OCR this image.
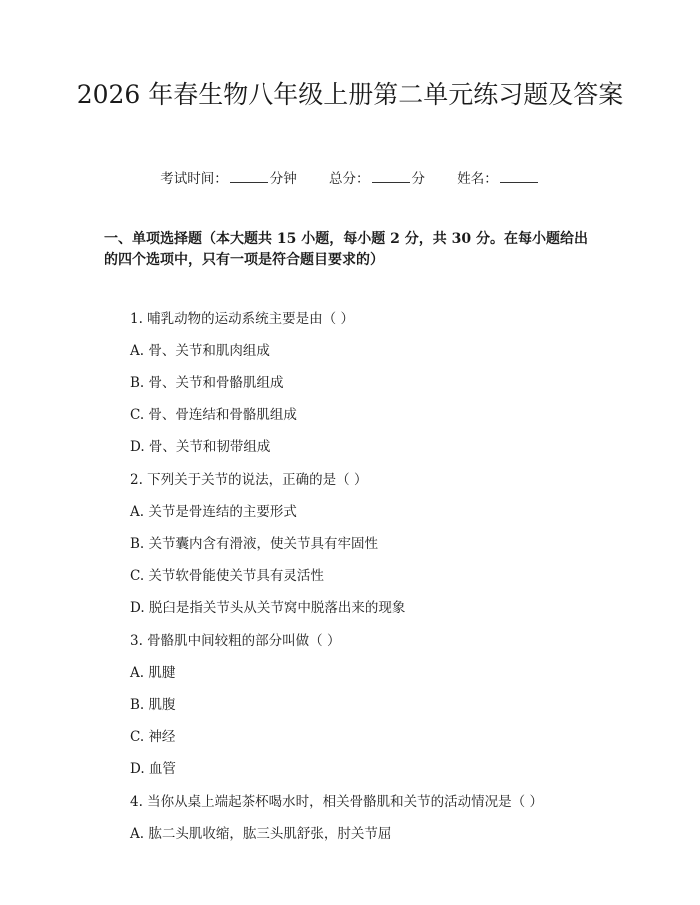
2026 年春生物八年级上册第二单元练习题及答案
考试时间：	分钟 总分：	分 姓名：
一、单项选择题（本大题共 15 小题，每小题 2 分，共 30 分。在每小题给出的四个选项中，只有一项是符合题目要求的）
1. 哺乳动物的运动系统主要是由（ ）
A. 骨、关节和肌肉组成
B. 骨、关节和骨骼肌组成
C. 骨、骨连结和骨骼肌组成
D. 骨、关节和韧带组成
2. 下列关于关节的说法，正确的是（ ）
A. 关节是骨连结的主要形式
B. 关节囊内含有滑液，使关节具有牢固性
C. 关节软骨能使关节具有灵活性
D. 脱臼是指关节头从关节窝中脱落出来的现象
3. 骨骼肌中间较粗的部分叫做（ ）
A. 肌腱
B. 肌腹
C. 神经
D. 血管
4. 当你从桌上端起茶杯喝水时，相关骨骼肌和关节的活动情况是（ ）
A. 肱二头肌收缩，肱三头肌舒张，肘关节屈
